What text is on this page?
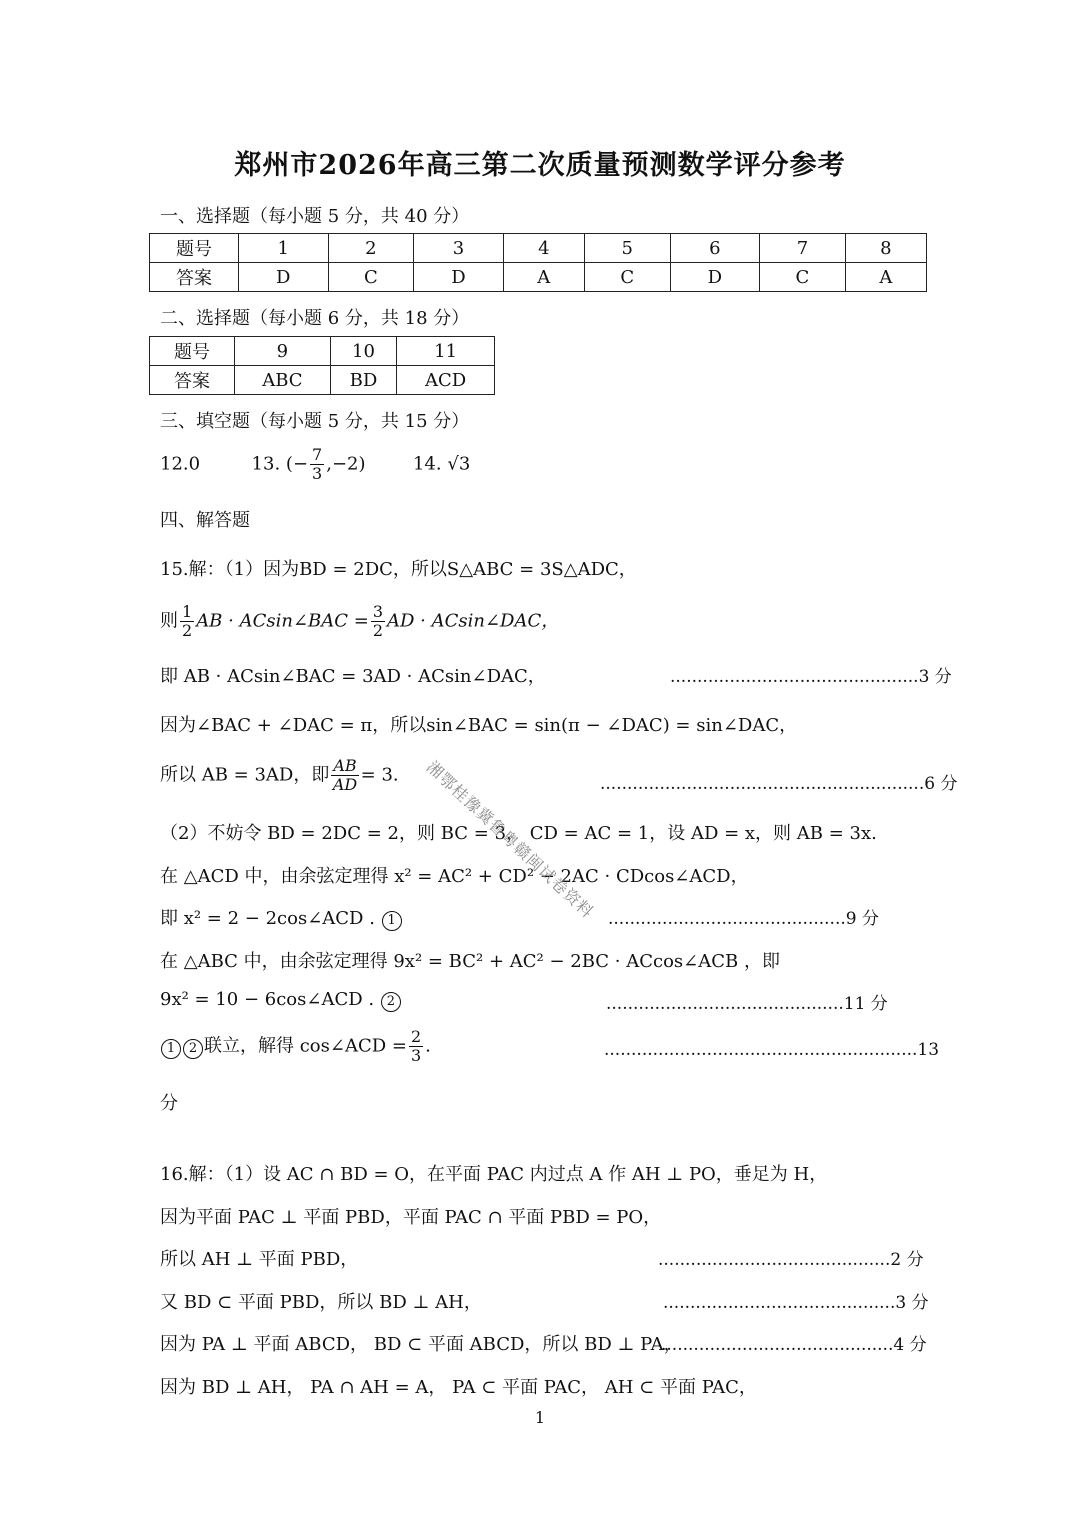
郑州市2026年高三第二次质量预测数学评分参考
一、选择题（每小题 5 分，共 40 分）
题号	1	2	3	4	5	6	7	8
答案	D	C	D	A	C	D	C	A
二、选择题（每小题 6 分，共 18 分）
题号	9	10	11
答案	ABC	BD	ACD
三、填空题（每小题 5 分，共 15 分）
12.0	13. (− $\frac{7}{3} ,-2$)	14. √3
四、解答题
15.解：（1）因为BD = 2DC，所以S△ABC = 3S△ADC，
则 $\frac{1}{2}$ AB · ACsin∠BAC = $\frac{3}{2}$ AD · ACsin∠DAC，
即 AB · ACsin∠BAC = 3AD · ACsin∠DAC，	..............................................3 分
因为∠BAC + ∠DAC = π，所以sin∠BAC = sin(π − ∠DAC) = sin∠DAC，
所以 AB = 3AD，即 $\frac{AB}{AD} = 3$.	............................................................6 分
（2）不妨令 BD = 2DC = 2，则 BC = 3， CD = AC = 1，设 AD = x，则 AB = 3x.
在 △ACD 中，由余弦定理得 x² = AC² + CD² − 2AC · CDcos∠ACD，
即 x² = 2 − 2cos∠ACD . 1	............................................9 分
在 △ABC 中，由余弦定理得 9x² = BC² + AC² − 2BC · ACcos∠ACB ，即
9x² = 10 − 6cos∠ACD . 2	............................................11 分
1 2 联立，解得 cos∠ACD = $\frac{2}{3}$ .	..........................................................13
分
16.解：（1）设 AC ∩ BD = O，在平面 PAC 内过点 A 作 AH ⊥ PO，垂足为 H，
因为平面 PAC ⊥ 平面 PBD，平面 PAC ∩ 平面 PBD = PO，
所以 AH ⊥ 平面 PBD，	...........................................2 分
又 BD ⊂ 平面 PBD，所以 BD ⊥ AH，	...........................................3 分
因为 PA ⊥ 平面 ABCD， BD ⊂ 平面 ABCD，所以 BD ⊥ PA，
...........................................4 分
因为 BD ⊥ AH， PA ∩ AH = A， PA ⊂ 平面 PAC， AH ⊂ 平面 PAC，
湘鄂桂豫冀鲁粤赣闽试卷资料
1
